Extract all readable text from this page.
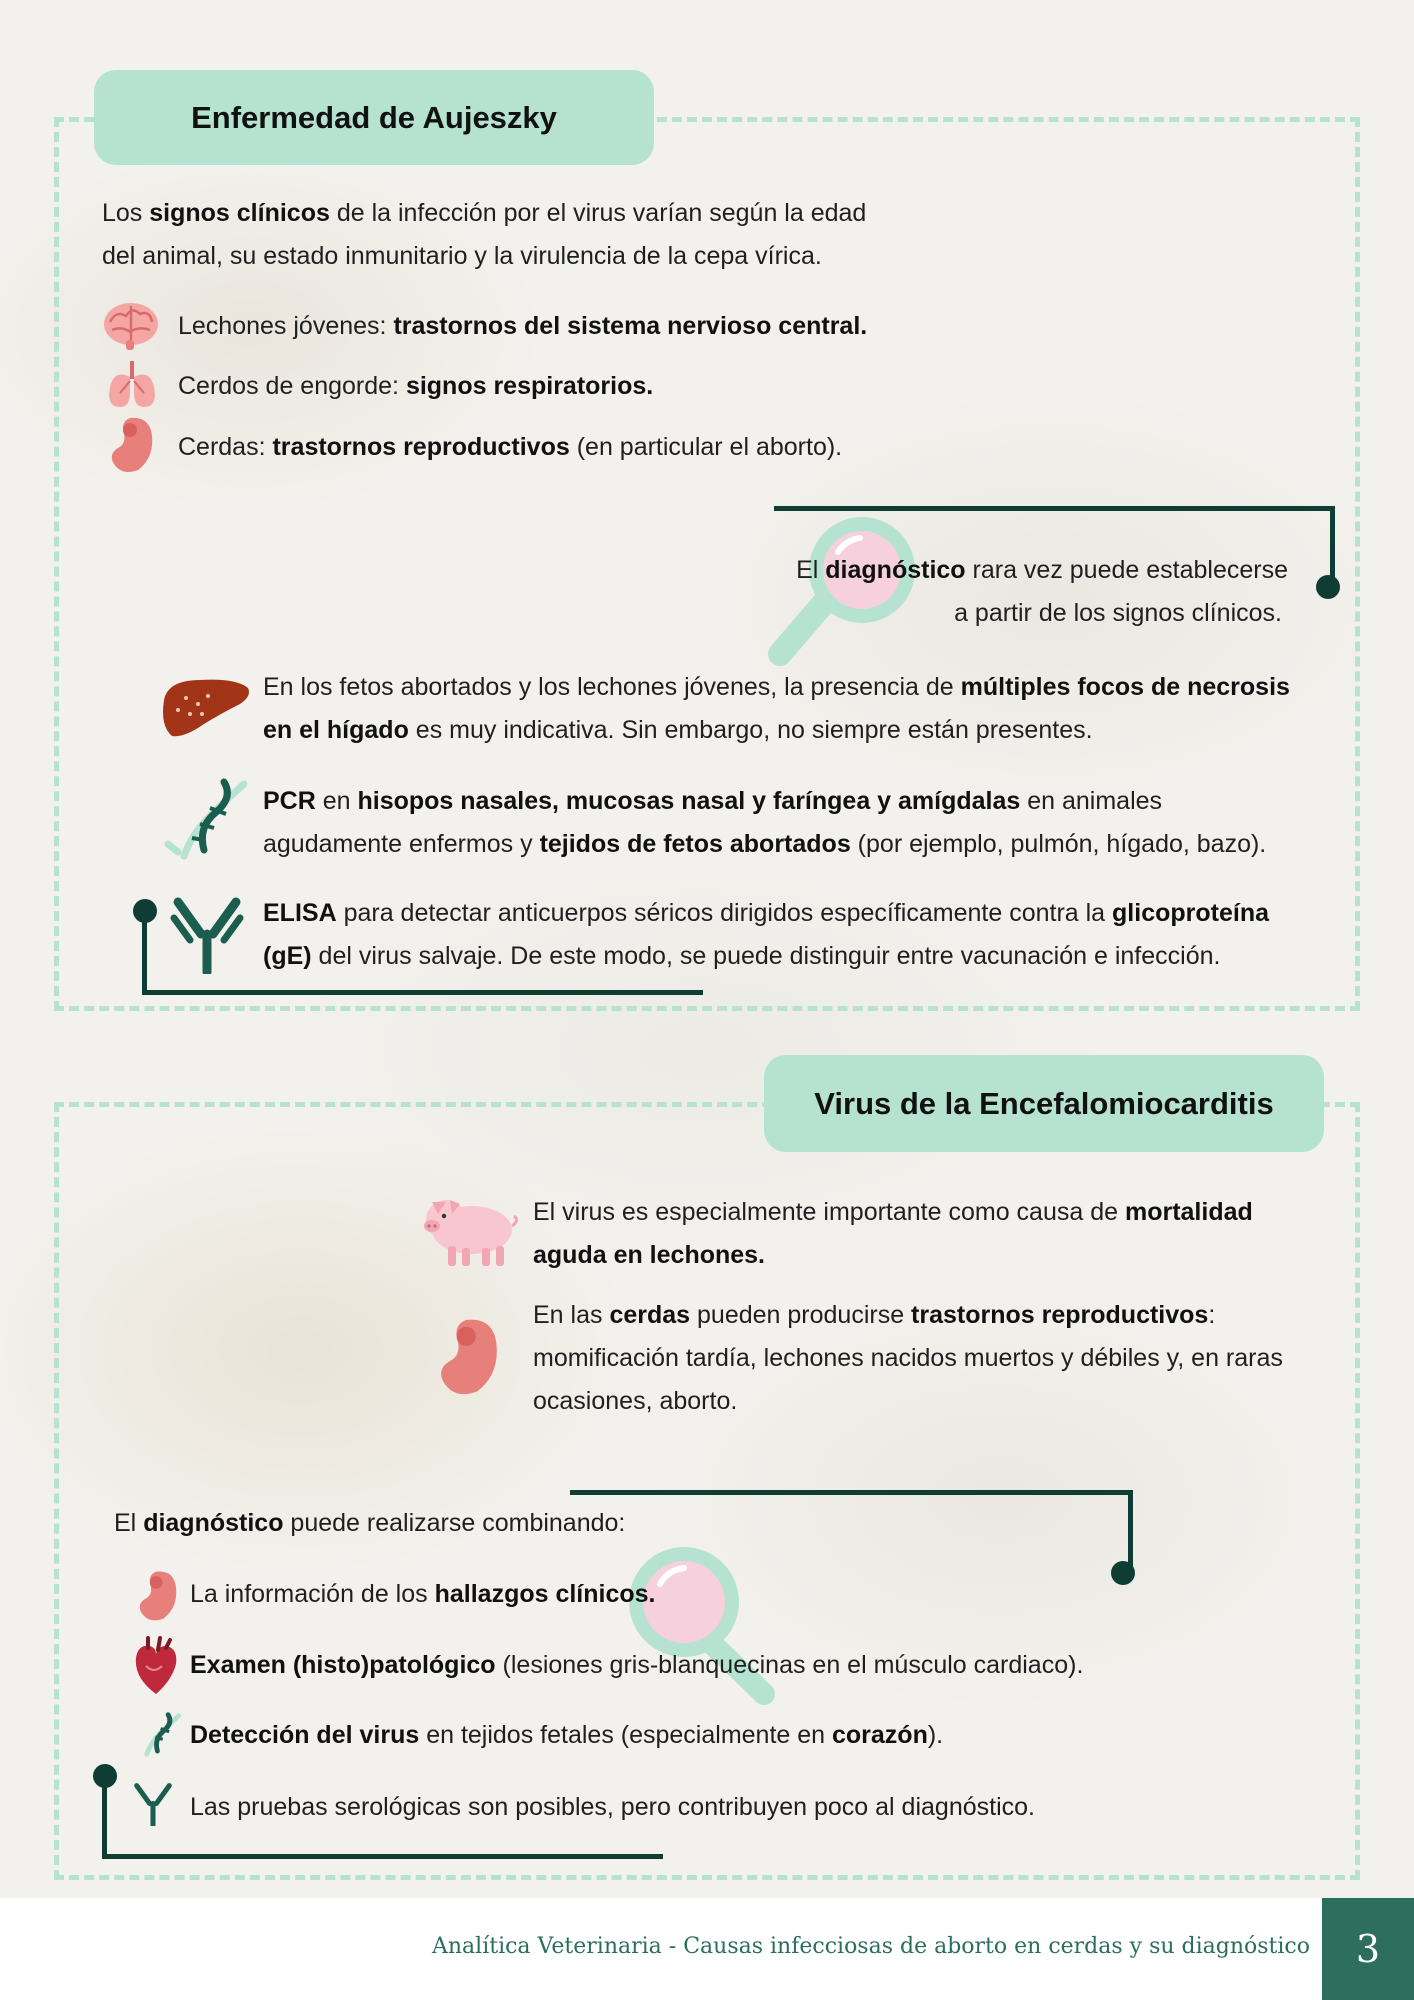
Enfermedad de Aujeszky
Los signos clínicos de la infección por el virus varían según la edad
del animal, su estado inmunitario y la virulencia de la cepa vírica.
Lechones jóvenes: trastornos del sistema nervioso central.
Cerdos de engorde: signos respiratorios.
Cerdas: trastornos reproductivos (en particular el aborto).
El diagnóstico rara vez puede establecerse
a partir de los signos clínicos.
En los fetos abortados y los lechones jóvenes, la presencia de múltiples focos de necrosis
en el hígado es muy indicativa. Sin embargo, no siempre están presentes.
PCR en hisopos nasales, mucosas nasal y faríngea y amígdalas en animales
agudamente enfermos y tejidos de fetos abortados (por ejemplo, pulmón, hígado, bazo).
ELISA para detectar anticuerpos séricos dirigidos específicamente contra la glicoproteína
(gE) del virus salvaje. De este modo, se puede distinguir entre vacunación e infección.
Virus de la Encefalomiocarditis
El virus es especialmente importante como causa de mortalidad
aguda en lechones.
En las cerdas pueden producirse trastornos reproductivos:
momificación tardía, lechones nacidos muertos y débiles y, en raras
ocasiones, aborto.
El diagnóstico puede realizarse combinando:
La información de los hallazgos clínicos.
Examen (histo)patológico (lesiones gris-blanquecinas en el músculo cardiaco).
Detección del virus en tejidos fetales (especialmente en corazón).
Las pruebas serológicas son posibles, pero contribuyen poco al diagnóstico.
Analítica Veterinaria - Causas infecciosas de aborto en cerdas y su diagnóstico	3
